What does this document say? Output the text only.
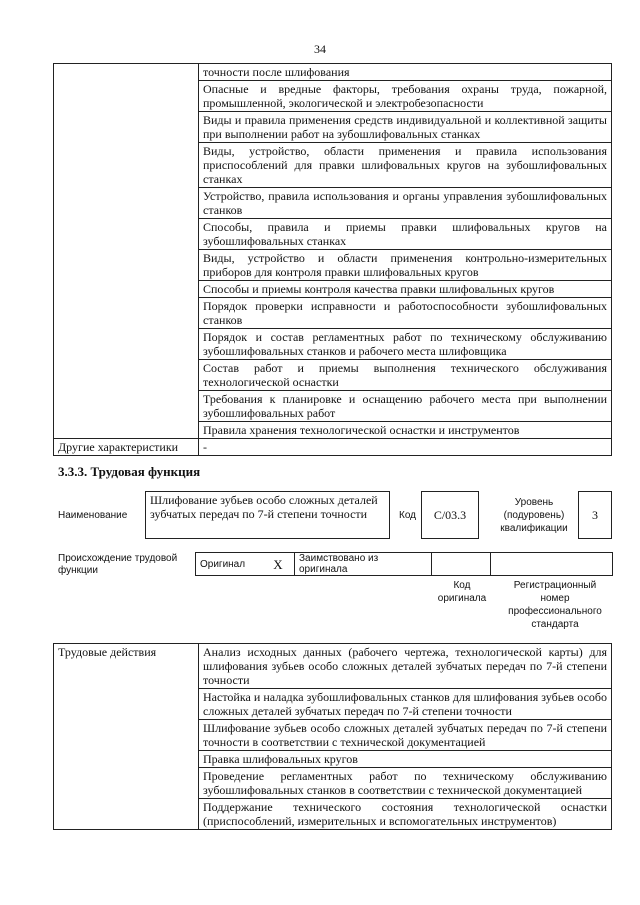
34
	точности после шлифования
	Опасные и вредные факторы, требования охраны труда, пожарной, промышленной, экологической и электробезопасности
	Виды и правила применения средств индивидуальной и коллективной защиты при выполнении работ на зубошлифовальных станках
	Виды, устройство, области применения и правила использования приспособлений для правки шлифовальных кругов на зубошлифовальных станках
	Устройство, правила использования и органы управления зубошлифовальных станков
	Способы, правила и приемы правки шлифовальных кругов на зубошлифовальных станках
	Виды, устройство и области применения контрольно-измерительных приборов для контроля правки шлифовальных кругов
	Способы и приемы контроля качества правки шлифовальных кругов
	Порядок проверки исправности и работоспособности зубошлифовальных станков
	Порядок и состав регламентных работ по техническому обслуживанию зубошлифовальных станков и рабочего места шлифовщика
	Состав работ и приемы выполнения технического обслуживания технологической оснастки
	Требования к планировке и оснащению рабочего места при выполнении зубошлифовальных работ
	Правила хранения технологической оснастки и инструментов
Другие характеристики	-
3.3.3. Трудовая функция
Наименование
Шлифование зубьев особо сложных деталей зубчатых передач по 7-й степени точности	Код C/03.3
Уровень (подуровень) квалификации
3
Происхождение трудовой функции
Оригинал	X	Заимствовано из оригинала		
Код оригинала
Регистрационный номер профессионального стандарта
Трудовые действия	Анализ исходных данных (рабочего чертежа, технологической карты) для шлифования зубьев особо сложных деталей зубчатых передач по 7-й степени точности
Настойка и наладка зубошлифовальных станков для шлифования зубьев особо сложных деталей зубчатых передач по 7-й степени точности
Шлифование зубьев особо сложных деталей зубчатых передач по 7-й степени точности в соответствии с технической документацией
Правка шлифовальных кругов
Проведение регламентных работ по техническому обслуживанию зубошлифовальных станков в соответствии с технической документацией
Поддержание технического состояния технологической оснастки (приспособлений, измерительных и вспомогательных инструментов)
